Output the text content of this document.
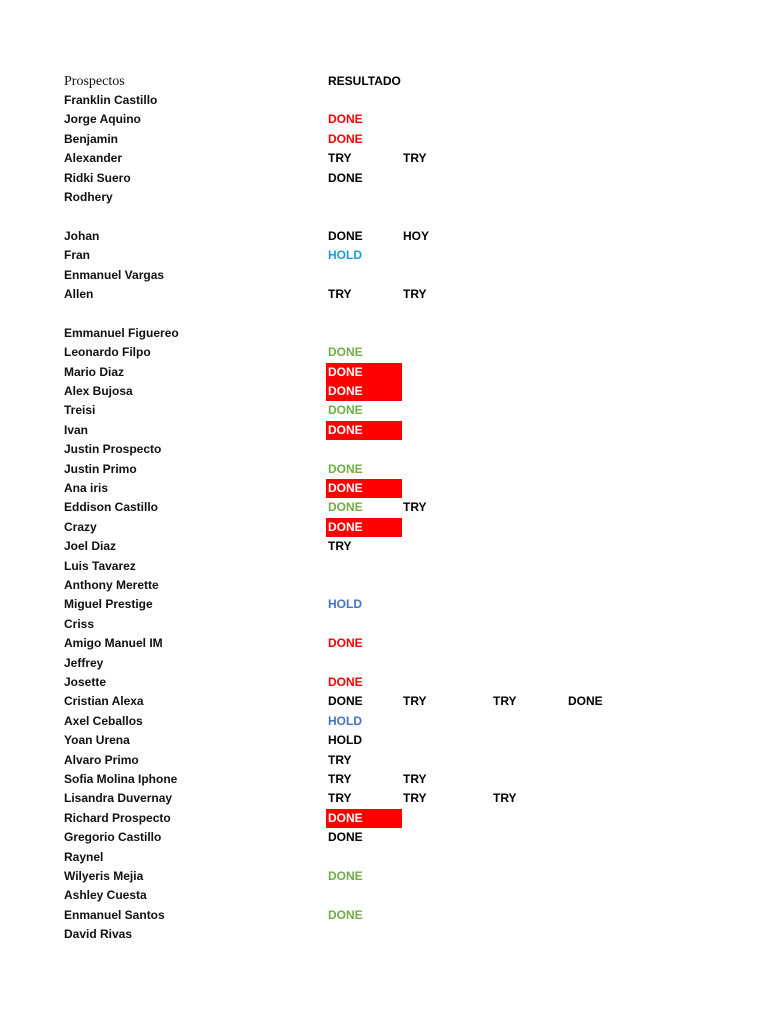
Prospectos	RESULTADO
Franklin Castillo
Jorge Aquino	DONE
Benjamin	DONE
Alexander	TRY	TRY
Ridki Suero	DONE
Rodhery
Johan	DONE	HOY
Fran	HOLD
Enmanuel Vargas
Allen	TRY	TRY
Emmanuel Figuereo
Leonardo Filpo	DONE
Mario Diaz	DONE
Alex Bujosa	DONE
Treisi	DONE
Ivan	DONE
Justin Prospecto
Justin Primo	DONE
Ana iris	DONE
Eddison Castillo	DONE	TRY
Crazy	DONE
Joel Diaz	TRY
Luis Tavarez
Anthony Merette
Miguel Prestige	HOLD
Criss
Amigo Manuel IM	DONE
Jeffrey
Josette	DONE
Cristian Alexa	DONE	TRY	TRY	DONE
Axel Ceballos	HOLD
Yoan Urena	HOLD
Alvaro Primo	TRY
Sofia Molina Iphone	TRY	TRY
Lisandra Duvernay	TRY	TRY	TRY
Richard Prospecto	DONE
Gregorio Castillo	DONE
Raynel
Wilyeris Mejia	DONE
Ashley Cuesta
Enmanuel Santos	DONE
David Rivas
